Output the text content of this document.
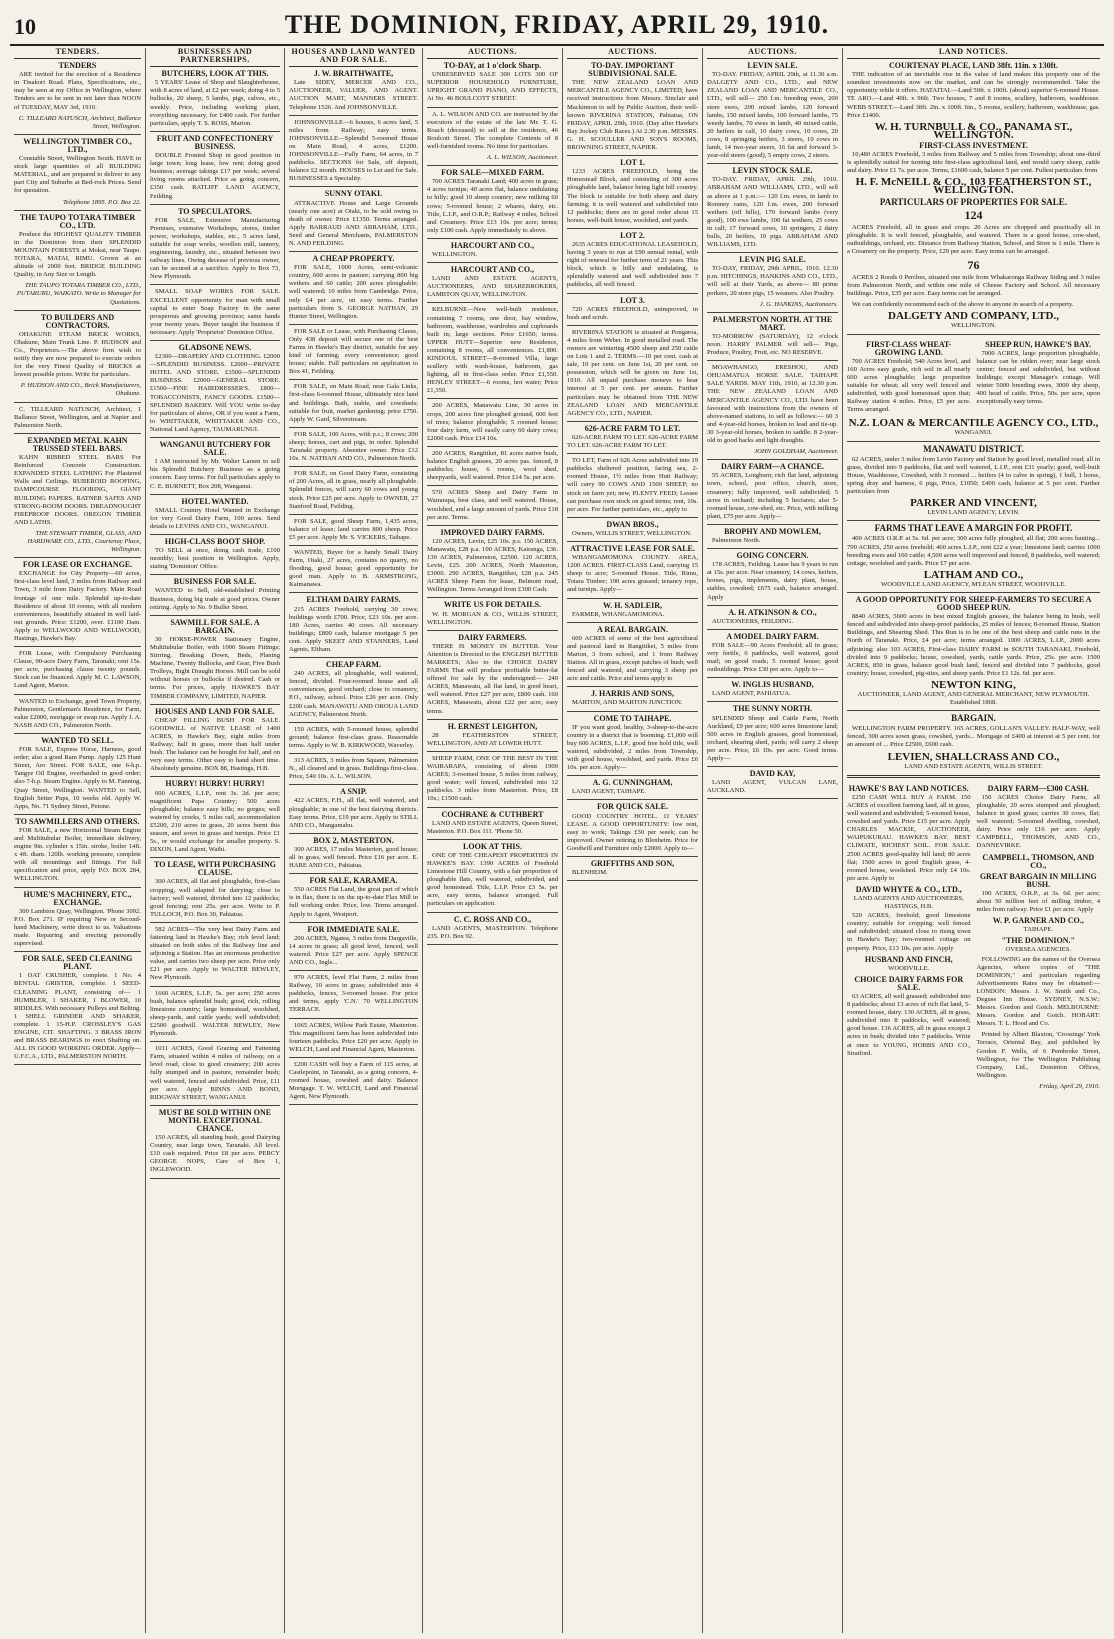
10	THE DOMINION, FRIDAY, APRIL 29, 1910.
TENDERS.
TENDERS
ARE invited for the erection of a Residence in Tinakori Road. Plans, Specifications, etc., may be seen at my Office in Wellington, where Tenders are to be sent in not later than NOON of TUESDAY, MAY 3rd, 1910.
C. TILLEARD NATUSCH, Architect, Ballance Street, Wellington.
WELLINGTON TIMBER CO., LTD.,
Constable Street, Wellington South. HAVE in stock large quantities of all BUILDING MATERIAL, and are prepared to deliver to any part City and Suburbs at Bed-rock Prices. Send for quotation.
Telephone 1895. P.O. Box 22.
THE TAUPO TOTARA TIMBER CO., LTD.
Produce the HIGHEST QUALITY TIMBER in the Dominion from their SPLENDID MOUNTAIN FORESTS at Mokai, near Taupo. TOTARA, MATAI, RIMU. Grown at an altitude of 2000 feet. BRIDGE BUILDING Quality, in Any Size or Length.
THE TAUPO TOTARA TIMBER CO., LTD., PUTARURU, WAIKATO. Write to Manager for Quotations.
TO BUILDERS AND CONTRACTORS.
OHAKUNE STEAM BRICK WORKS, Ohakune, Main Trunk Line. P. HUDSON and Co., Proprietors.—The above firm wish to notify they are now prepared to execute orders for the very Finest Quality of BRICKS at lowest possible prices. Write for particulars.
P. HUDSON AND CO., Brick Manufacturers, Ohakune.
C. TILLEARD NATUSCH, Architect, 1 Ballance Street, Wellington, and at Napier and Palmerston North.
EXPANDED METAL KAHN TRUSSED STEEL BARS.
KAHN RIBBED STEEL BARS For Reinforced Concrete Construction. EXPANDED STEEL LATHING For Plastered Walls and Ceilings. RUBEROID ROOFING, DAMPCOURSE FLOORING, GIANT BUILDING PAPERS. RATNER SAFES AND STRONG-ROOM DOORS. DREADNOUGHT FIREPROOF DOORS. OREGON TIMBER AND LATHS.
THE STEWART TIMBER, GLASS, AND HARDWARE CO., LTD., Courtenay Place, Wellington.
FOR LEASE OR EXCHANGE.
EXCHANGE for City Property—60 acres, first-class level land, 3 miles from Railway and Town, 3 mile from Dairy Factory. Main Road frontage of one mile. Splendid up-to-date Residence of about 10 rooms, with all modern conveniences, beautifully situated in well laid-out grounds. Price: £1200, over. £1100 Dam. Apply to WELLWOOD AND WELLWOOD, Hastings, Hawke's Bay.
FOR Lease, with Compulsory Purchasing Clause, 90-acre Dairy Farm, Taranaki; rent 15s. per acre, purchasing clause twenty pounds. Stock can be financed. Apply M. C. LAWSON, Land Agent, Marton.
WANTED to Exchange, good Town Property, Palmerston, Gentleman's Residence, for Farm, value £2000, mortgage or swap run. Apply J. A. NASH AND CO., Palmerston North.
WANTED TO SELL.
FOR SALE, Express Horse, Harness, good order; also a good Ram Pump. Apply 125 Hunt Street, Aro Street. FOR SALE, one 6-h.p. Tangye Oil Engine, overhauled in good order; also 7-h.p. Steam Engine. Apply to M. Fanning, Quay Street, Wellington. WANTED to Sell, English Setter Pups, 10 weeks old. Apply W. Apps, No. 71 Sydney Street, Petone.
TO SAWMILLERS AND OTHERS.
FOR SALE, a new Horizontal Steam Engine and Multitubular Boiler, immediate delivery, engine 9in. cylinder x 15in. stroke, boiler 14ft. x 4ft. diam. 120lb. working pressure, complete with all mountings and fittings. For full specification and price, apply P.O. BOX 284, WELLINGTON.
HUME'S MACHINERY, ETC., EXCHANGE.
300 Lambton Quay, Wellington. 'Phone 3092. P.O. Box 271. IF requiring New or Second-hand Machinery, write direct to us. Valuations made. Repairing and erecting personally supervised.
FOR SALE, SEED CLEANING PLANT.
1 OAT CRUSHER, complete. 1 No. 4 BENTAL GRISTER, complete. 1 SEED-CLEANING PLANT, consisting of— 1 HUMBLER, 1 SHAKER, 1 BLOWER, 10 RIDDLES. With necessary Pulleys and Belting. 1 SHELL GRINDER AND SHAKER, complete. 1 15-H.P. CROSSLEY'S GAS ENGINE, CIT. SHAFTING. 3 BRASS IRON and BRASS BEARINGS to erect Shafting on. ALL IN GOOD WORKING ORDER. Apply— U.F.C.A., LTD., PALMERSTON NORTH.
BUSINESSES AND PARTNERSHIPS.
BUTCHERS, LOOK AT THIS.
5 YEARS' Lease of Shop and Slaughterhouse, with 8 acres of land, at £2 per week; doing 4 to 5 bullocks, 20 sheep, 5 lambs, pigs, calves, etc., weekly. Price, including working plant, everything necessary, for £400 cash. For further particulars, apply T. S. ROSS, Marton.
FRUIT AND CONFECTIONERY BUSINESS.
DOUBLE Fronted Shop in good position in large town; long lease, low rent; doing good business; average takings £17 per week; several living rooms attached. Price as going concern, £350 cash. RATLIFF LAND AGENCY, Feilding.
TO SPECULATORS.
FOR SALE, Extensive Manufacturing Premises, extensive Workshops, stores, timber power, workshops, stables, etc., 5 acres land, suitable for soap works, woollen mill, tannery, engineering, laundry, etc., situated between two railway lines. Owing decease of previous owner, can be secured at a sacrifice. Apply to Box 73, New Plymouth.
SMALL SOAP WORKS FOR SALE. EXCELLENT opportunity for man with small capital to enter Soap Factory in the same prosperous and growing province; same hands your twenty years. Buyer taught the business if necessary. Apply 'Proprietor' Dominion Office.
GLADSONE NEWS.
£2300—DRAPERY AND CLOTHING. £2000—SPLENDID BUSINESS. £2000—PRIVATE HOTEL AND STORE. £3500—SPLENDID BUSINESS. £2000—GENERAL STORE. £1500—FINE HAIRDRESSER'S. £800—TOBACCONISTS, FANCY GOODS. £1500—SPLENDID BAKERY. Will YOU write to-day for particulars of above, OR if you want a Farm, to WHITTAKER, WHITTAKER AND CO., National Land Agency, TAUMARUNUI.
WANGANUI BUTCHERY FOR SALE.
I AM instructed by Mr. Walter Larsen to sell his Splendid Butchery Business as a going concern. Easy terms. For full particulars apply to C. E. BURNETT, Box 208, Wanganui.
HOTEL WANTED.
SMALL Country Hotel Wanted in Exchange for very Good Dairy Farm, 100 acres. Send details to LEVINS AND CO., WANGANUI.
HIGH-CLASS BOOT SHOP.
TO SELL at once, doing cash trade, £100 monthly; best position in Wellington. Apply, stating 'Dominion' Office.
BUSINESS FOR SALE.
WANTED to Sell, old-established Printing Business, doing big trade at good prices. Owner retiring. Apply to No. 9 Buller Street.
SAWMILL FOR SALE. A BARGAIN.
30 HORSE-POWER Stationary Engine, Multitubular Boiler, with 1000 Steam Fittings; Stirring, Breaking Down, Beds, Planing Machine, Twenty Bullocks, and Gear, Five Bush Trolleys, Bight Draught Horses. Mill can be sold without horses or bullocks if desired. Cash or terms. For prices, apply HAWKE'S BAY TIMBER COMPANY, LIMITED, NAPIER.
HOUSES AND LAND FOR SALE.
CHEAP FILLING BUSH FOR SALE. GOODWILL of NATIVE LEASE of 1400 ACRES, in Hawke's Bay, eight miles from Railway; half in grass, more than half under bush. The balance can be bought for half, and on very easy terms. Other easy to hand short time. Absolutely genuine. BOX 88, Hastings, H.B.
HURRY! HURRY! HURRY!
600 ACRES, L.I.P., rent 3s. 2d. per acre; magnificent Papa Country; 500 acres ploughable; balance easy hills; no gorges; well watered by creeks, 5 miles rail, accommodation £5200, 210 acres in grass, 20 acres burnt this season, and sown in grass and turnips. Price £1 5s., or would exchange for smaller property. S. DIXON, Land Agent, Waihi.
TO LEASE, WITH PURCHASING CLAUSE.
300 ACRES, all flat and ploughable, first-class cropping, well adapted for dairying; close to factory; well watered, divided into 12 paddocks; good fencing; rent 25s. per acre. Write to P. TULLOCH, P.O. Box 30, Pahiatua.
582 ACRES—The very best Dairy Farm and fattening land in Hawke's Bay; rich level land; situated on both sides of the Railway line and adjoining a Station. Has an enormous productive value, and carries two sheep per acre. Price only £21 per acre. Apply to WALTER BEWLEY, New Plymouth.
1660 ACRES, L.I.P., 5s. per acre; 250 acres bush, balance splendid bush; good, rich, rolling limestone country; large homestead, woolshed, sheep-yards, and cattle yards; well subdivided; £2500 goodwill. WALTER BEWLEY, New Plymouth.
1011 ACRES, Good Grazing and Fattening Farm, situated within 4 miles of railway, on a level road, close to good creamery; 200 acres fully stumped and in pasture, remainder bush; well watered, fenced and subdivided. Price, £11 per acre. Apply BINNS AND BOND, RIDGWAY STREET, WANGANUI.
MUST BE SOLD WITHIN ONE MONTH. EXCEPTIONAL CHANCE.
150 ACRES, all standing bush, good Dairying Country, near large town, Taranaki. All level. £10 cash required. Price £8 per acre. PERCY GEORGE NOPS, Care of Box 1, INGLEWOOD.
HOUSES AND LAND WANTED AND FOR SALE.
J. W. BRAITHWAITE,
Late SIDEY, MERCER AND CO., AUCTIONEER, VALUER, AND AGENT. AUCTION MART, MANNERS STREET. Telephone 1526. And JOHNSONVILLE.
JOHNSONVILLE—6 houses, 6 acres land, 5 miles from Railway; easy terms. JOHNSONVILLE—Splendid 5-roomed House on Main Road, 4 acres, £1200. JOHNSONVILLE—Fully Farm, 64 acres, in 7 paddocks. SECTIONS for Sale, off deposit, balance £2 month. HOUSES to Let and for Sale. BUSINESSES a Speciality.
SUNNY OTAKI.
ATTRACTIVE House and Large Grounds (nearly one acre) at Otaki, to be sold owing to death of owner. Price £1350. Terms arranged. Apply BARRAUD AND ABRAHAM, LTD., Seed and General Merchants, PALMERSTON N. AND FEILDING.
A CHEAP PROPERTY.
FOR SALE, 1000 Acres, semi-volcanic country, 600 acres in pasture; carrying 800 big wethers and 60 cattle; 200 acres ploughable; well watered; 10 miles from Cambridge. Price, only £4 per acre, on easy terms. Further particulars from S. GEORGE NATHAN, 29 Hunter Street, Wellington.
FOR SALE or Lease, with Purchasing Clause, Only 438 deposit will secure one of the best Farms in Hawke's Bay district, suitable for any kind of farming; every convenience; good house; stable. Full particulars on application to Box 41, Feilding.
FOR SALE, on Main Road, near Gala Links, first-class 6-roomed House, ultimately nice land and buildings. Bath, stable, and cowsheds; suitable for fruit, market gardening; price £750. Apply W. Gard, Silverstream.
FOR SALE, 100 Acres, with p.c.; 8 cows; 200 sheep; horses, cart and pigs, in order. Splendid Taranaki property. Absentee owner. Price £12 10s. N. NATHAN AND CO., Palmerston North.
FOR SALE, on Good Dairy Farm, consisting of 200 Acres, all in grass, nearly all ploughable. Splendid fences, will carry 60 cows and young stock. Price £25 per acre. Apply to OWNER, 27 Stanford Road, Feilding.
FOR SALE, good Sheep Farm, 1,435 acres, balance of lease; land carries 800 sheep. Price £5 per acre. Apply Mr. S. VICKERS, Taihape.
WANTED, Buyer for a handy Small Dairy Farm, Otaki, 27 acres, contains no quarry, no flooding, good house; good opportunity for good man. Apply to B. ARMSTRONG, Kaimanawa.
ELTHAM DAIRY FARMS.
215 ACRES Freehold, carrying 30 cows; buildings worth £700. Price, £23 10s. per acre. 180 Acres, carries 40 cows. All necessary buildings; £800 cash, balance mortgage 5 per cent. Apply SKEET AND STANNERS, Land Agents, Eltham.
CHEAP FARM.
240 ACRES, all ploughable, well watered, fenced, divided. Four-roomed house and all conveniences, good orchard; close to creamery, P.O., railway, school. Price £26 per acre. Only £200 cash. MANAWATU AND OROUA LAND AGENCY, Palmerston North.
150 ACRES, with 5-roomed house, splendid ground; balance first-class grass. Reasonable terms. Apply to W. B. KIRKWOOD, Waverley.
313 ACRES, 3 miles from Square, Palmerston N., all cleared and in grass. Buildings first-class. Price, £40 10s. A. L. WILSON.
A SNIP.
422 ACRES, F.H., all flat, well watered, and ploughable; in one of the best dairying districts. Easy terms. Price, £19 per acre. Apply to STILL AND CO., Mangamahu.
BOX 2, MASTERTON.
300 ACRES, 17 miles Masterton, good house; all in grass, well fenced. Price £16 per acre. E. HARE AND CO., Pahiatua.
FOR SALE, KARAMEA.
550 ACRES Flat Land, the great part of which is in flax, there is on the up-to-date Flax Mill in full working order. Price, low. Terms arranged. Apply to Agent, Westport.
FOR IMMEDIATE SALE.
200 ACRES, Ngatea, 3 miles from Dargaville, 14 acres in grass; all good level, fenced, well watered. Price £27 per acre. Apply SPENCE AND CO., Ingle...
970 ACRES, level Flat Farm, 2 miles from Railway, 10 acres in grass; subdivided into 4 paddocks, fences, 3-roomed house. For price and terms, apply 'C.N.' 70 WELLINGTON TERRACE.
1065 ACRES, Willow Park Estate, Masterton. This magnificent farm has been subdivided into fourteen paddocks. Price £20 per acre. Apply to WELCH, Land and Financial Agent, Masterton.
£200 CASH will buy a Farm of 115 acres, at Castlepoint, in Taranaki, as a going concern, 4-roomed house, cowshed and dairy. Balance Mortgage. T. W. WELCH, Land and Financial Agent, New Plymouth.
AUCTIONS.
TO-DAY, at 1 o'clock Sharp.
UNRESERVED SALE 300 LOTS 300 OF SUPERIOR HOUSEHOLD FURNITURE, UPRIGHT GRAND PIANO, AND EFFECTS, At No. 46 BOULCOTT STREET.
A. L. WILSON AND CO. are instructed by the executors of the estate of the late Mr. T. G. Roach (deceased) to sell at the residence, 46 Boulcott Street. The complete Contents of 8 well-furnished rooms. No time for particulars.
A. L. WILSON, Auctioneer.
FOR SALE—MIXED FARM.
700 ACRES Taranaki Land; 400 acres in grass; 4 acres turnips; 40 acres flat, balance undulating to hilly; good 10 sheep country; new milking 60 cows; 5-roomed house; 2 whares, dairy, etc. Title, L.I.P., and O.R.P.; Railway 4 miles, School and Creamery. Price £13 10s. per acre; terms; only £100 cash. Apply immediately to above.
HARCOURT AND CO.,
WELLINGTON.
HARCOURT AND CO.,
LAND AND ESTATE AGENTS, AUCTIONEERS, AND SHAREBROKERS, LAMBTON QUAY, WELLINGTON.
KELBURNE—New well-built residence, containing 7 rooms, one door, bay window, bathroom, washhouse, wardrobes and cupboards built in; large sections. Price £1650; terms. UPPER HUTT—Superior new Residence, containing 8 rooms, all conveniences. £1,800. KINDOUL STREET—8-roomed Villa, large scullery with wash-house, bathroom, gas lighting, all in first-class order. Price £1,550. HENLEY STREET—6 rooms, hot water; Price £1,350.
200 ACRES, Manawatu Line, 30 acres in crops, 200 acres fine ploughed ground, 600 feet of trees; balance ploughable; 5 roomed house; four dairy farm, will easily carry 60 dairy cows; £2000 cash. Price £14 10s.
200 ACRES, Rangitikei, 81 acres native bush, balance English grasses, 20 acres pas. fenced, 8 paddocks; house, 6 rooms, wool shed, sheepyards, well watered. Price £14 5s. per acre.
570 ACRES Sheep and Dairy Farm in Wairarapa, best class, and well watered. House, woolshed, and a large amount of yards. Price £18 per acre. Terms.
IMPROVED DAIRY FARMS.
120 ACRES, Levin, £25 10s. p.s. 150 ACRES, Manawatu, £28 p.a. 100 ACRES, Kairanga, £36. 130 ACRES, Palmerston, £2500. 120 ACRES, Levin, £25. 200 ACRES, North Masterton, £3000. 290 ACRES, Rangitikei, £28 p.a. 245 ACRES Sheep Farm for lease, Belmont road, Wellington. Terms Arranged from £300 Cash.
WRITE US FOR DETAILS.
W. H. MORGAN & CO., WILLIS STREET, WELLINGTON.
DAIRY FARMERS.
THERE IS MONEY IN BUTTER. Your Attention is Directed to the ENGLISH BUTTER MARKETS; Also to the CHOICE DAIRY FARMS That will produce profitable butter-fat offered for sale by the undersigned:— 240 ACRES, Manawatu, all flat land, in good heart, well watered. Price £27 per acre, £800 cash. 160 ACRES, Manawatu, about £22 per acre, easy terms.
H. ERNEST LEIGHTON,
28 FEATHERSTON STREET, WELLINGTON, AND AT LOWER HUTT.
SHEEP FARM, ONE OF THE BEST IN THE WAIRARAPA, consisting of about 1900 ACRES; 3-roomed house, 5 miles from railway, good water; well fenced, subdivided into 12 paddocks. 3 miles from Masterton. Price, £8 10s.; £1500 cash.
COCHRANE & CUTHBERT
LAND AND ESTATE AGENTS, Queen Street, Masterton. P.O. Box 111. 'Phone 50.
LOOK AT THIS.
ONE OF THE CHEAPEST PROPERTIES IN HAWKE'S BAY. 1390 ACRES of Freehold Limestone Hill Country, with a fair proportion of ploughable flats, well watered, subdivided, and good homestead. Title, L.I.P. Price £3 5s. per acre, easy terms, balance arranged. Full particulars on application.
C. C. ROSS AND CO.,
LAND AGENTS, MASTERTON. Telephone 235. P.O. Box 92.
AUCTIONS.
TO-DAY. IMPORTANT SUBDIVISIONAL SALE.
THE NEW ZEALAND LOAN AND MERCANTILE AGENCY CO., LIMITED, have received instructions from Messrs. Sinclair and Mackinnon to sell by Public Auction, their well-known RIVERINA STATION, Pahiatua, ON FRIDAY, APRIL 29th, 1910. (Day after Hawke's Bay Jockey Club Races.) At 2.30 p.m. MESSRS. G. H. SCOULLER AND SON'S ROOMS, BROWNING STREET, NAPIER.
LOT 1.
1233 ACRES FREEHOLD, being the Homestead Block, and consisting of 300 acres ploughable land, balance being light hill country. The block is suitable for both sheep and dairy farming; it is well watered and subdivided into 12 paddocks; there are in good order about 15 horses, well-built house, woolshed, and yards.
LOT 2.
2635 ACRES EDUCATIONAL LEASEHOLD, having 3 years to run at £90 annual rental, with right of renewal for further term of 21 years. This block, which is hilly and undulating, is splendidly watered and well subdivided into 7 paddocks, all well fenced.
LOT 3.
720 ACRES FREEHOLD, unimproved, in bush and scrub.
RIVERINA STATION is situated at Pongaroa, 4 miles from Weber. In good metalled road. The owners are wintering 4500 sheep and 250 cattle on Lots 1 and 2. TERMS.—10 per cent. cash at sale, 10 per cent. on June 1st, 20 per cent. on possession, which will be given on June 1st, 1910. All unpaid purchase moneys to bear interest at 5 per cent. per annum. Further particulars may be obtained from THE NEW ZEALAND LOAN AND MERCANTILE AGENCY CO., LTD., NAPIER.
626-ACRE FARM TO LET.
626-ACRE FARM TO LET. 626-ACRE FARM TO LET. 626-ACRE FARM TO LET.
TO LET, Farm of 626 Acres subdivided into 19 paddocks sheltered position, facing sea, 2-roomed House, 1½ miles from Hutt Railway; will carry 90 COWS AND 1500 SHEEP; no stock on farm yet; new, PLENTY FEED; Lessee can purchase own stock on good terms; rent, 10s. per acre. For further particulars, etc., apply to
DWAN BROS.,
Owners, WILLIS STREET, WELLINGTON.
ATTRACTIVE LEASE FOR SALE.
WHANGAMOMONA COUNTY. AREA, 1200 ACRES. FIRST-CLASS Land, carrying 15 sheep to acre; 5-roomed House. Title, Rimu, Totara Timber; 190 acres grassed; tenancy rope, and turnips. Apply—
W. H. SADLEIR,
FARMER, WHANGAMOMONA.
A REAL BARGAIN.
600 ACRES of some of the best agricultural and pastoral land in Rangitikei, 5 miles from Marton, 3 from school, and 1 from Railway Station. All in grass, except patches of bush; well fenced and watered, and carrying 3 sheep per acre and cattle. Price and terms apply to
J. HARRIS AND SONS,
MARTON, AND MARTON JUNCTION.
COME TO TAIHAPE.
IF you want good, healthy, 3-sheep-to-the-acre country in a district that is booming. £1,000 will buy 600 ACRES, L.I.P., good free hold title, well watered, subdivided, 2 miles from Township, with good house, woolshed, and yards. Price £6 10s. per acre. Apply—
A. G. CUNNINGHAM,
LAND AGENT, TAIHAPE.
FOR QUICK SALE.
GOOD COUNTRY HOTEL. 11 YEARS' LEASE. A GOOD OPPORTUNITY: low rent, easy to work; Takings £30 per week; can be improved. Owner retiring to Blenheim. Price for Goodwill and Furniture only £2000. Apply to—
GRIFFITHS AND SON,
BLENHEIM.
AUCTIONS.
LEVIN SALE.
TO-DAY. FRIDAY, APRIL 29th, at 11.30 a.m. DALGETY AND CO., LTD., and NEW ZEALAND LOAN AND MERCANTILE CO., LTD., will sell— 250 f.m. breeding ewes, 200 store ewes, 200 mixed lambs, 120 forward lambs, 150 mixed lambs, 100 forward lambs, 75 weedy lambs, 70 ewes in lamb, 40 mixed cattle, 20 heifers in calf, 10 dairy cows, 10 cows, 20 cows, 8 springing heifers, 3 steers, 10 cows in lamb, 14 two-year steers, 16 fat and forward 3-year-old steers (good), 5 empty cows, 2 steers.
LEVIN STOCK SALE.
TO-DAY. FRIDAY, APRIL 29th, 1910. ABRAHAM AND WILLIAMS, LTD., will sell as above at 1 p.m.:— 120 f.m. ewes, in lamb to Romney rams, 120 f.m. ewes, 200 forward wethers (off hills), 170 forward lambs (very good), 100 ewe lambs, 100 fat wethers, 25 cows in calf, 17 forward cows, 10 springers, 2 dairy bulls, 20 heifers, 10 pigs. ABRAHAM AND WILLIAMS, LTD.
LEVIN PIG SALE.
TO-DAY, FRIDAY, 29th APRIL, 1910. 12.30 p.m. HITCHINGS, HANKINS AND CO., LTD., will sell at their Yards, as above— 80 prime porkers, 20 store pigs, 15 weaners. Also Poultry.
J. G. HANKINS, Auctioneers.
PALMERSTON NORTH. AT THE MART.
TO-MORROW (SATURDAY), 12 o'clock noon. HARRY PALMER will sell— Pigs, Produce, Poultry, Fruit, etc. NO RESERVE.
MOAWHANGO, ERESHOU, AND OHUAMATUA HORSE SALE. TAIHAPE SALE YARDS. MAY 11th, 1910, at 12.30 p.m. THE NEW ZEALAND LOAN AND MERCANTILE AGENCY CO., LTD. have been favoured with instructions from the owners of above-named stations, to sell as follows:— 60 3 and 4-year-old horses, broken to lead and tie-up. 30 3-year-old horses, broken to saddle. 8 2-year-old to good hacks and light draughts.
JOHN GOLDHAM, Auctioneer.
DAIRY FARM—A CHANCE.
55 ACRES, Longburn; rich flat land, adjoining town, school, post office, church, store, creamery; fully improved, well subdivided; 5 acres in orchard; including 5 hectares; also 5-roomed house, cow-shed, etc. Price, with milking plant, £75 per acre. Apply—
BROPHY AND MOWLEM,
Palmerston North.
GOING CONCERN.
178 ACRES, Feilding. Lease has 9 years to run at 15s. per acre. Near creamery, 14 cows, heifers, horses, pigs, implements, dairy plant, house, stables, cowshed; £675 cash, balance arranged. Apply
A. H. ATKINSON & CO.,
AUCTIONEERS, FEILDING.
A MODEL DAIRY FARM.
FOR SALE—90 Acres Freehold; all in grass; very fertile, 6 paddocks, well watered, good mail; on good roads; 5 roomed house; good outbuildings. Price £30 per acre. Apply to—
W. INGLIS HUSBAND,
LAND AGENT, PAHIATUA.
THE SUNNY NORTH.
SPLENDID Sheep and Cattle Farm, North Auckland, £9 per acre; 600 acres limestone land; 500 acres in English grasses, good homestead, orchard, shearing shed, yards; will carry 2 sheep per acre. Price, £6 10s. per acre. Good terms. Apply—
DAVID KAY,
LAND AGENT, VULCAN LANE, AUCKLAND.
LAND NOTICES.
COURTENAY PLACE, LAND 38ft. 11in. x 130ft.
THE indication of an inevitable rise in the value of land makes this property one of the soundest investments now on the market, and can be strongly recommended. Take the opportunity while it offers. HATAITAI.—Land 50ft. x 100ft. (about) superior 6-roomed House. TE ARO.—Land 40ft. x 96ft. Two houses, 7 and 8 rooms, scullery, bathroom, washhouse. WEBB STREET.—Land 38ft. 2in. x 100ft. 6in., 5 rooms, scullery, bathroom, washhouse, gas. Price £1400.
W. H. TURNBULL & CO., PANAMA ST., WELLINGTON.
FIRST-CLASS INVESTMENT.
10,480 ACRES Freehold, 3 miles from Railway and 5 miles from Township; about one-third is splendidly suited for turning into first-class agricultural land, and would carry sheep, cattle and dairy. Price £1 7s. per acre. Terms, £1600 cash, balance 5 per cent. Fullest particulars from
H. F. McNEILL & CO., 103 FEATHERSTON ST., WELLINGTON.
PARTICULARS OF PROPERTIES FOR SALE.
124
ACRES Freehold, all in grass and crops. 20 Acres are chopped and practically all in ploughable. It is well fenced, ploughable, and watered. There is a good house, cow-shed, outbuildings, orchard, etc. Distance from Railway Station, School, and Store is 1 mile. There is a Creamery on the property. Price, £29 per acre. Easy terms can be arranged.
76
ACRES 2 Roods 0 Perches, situated one mile from Whakaronga Railway Siding and 3 miles from Palmerston North, and within one mile of Cheese Factory and School. All necessary buildings. Price, £35 per acre. Easy terms can be arranged.
We can confidently recommend each of the above to anyone in search of a property.
DALGETY AND COMPANY, LTD.,
WELLINGTON.
FIRST-CLASS WHEAT-GROWING LAND.
700 ACRES Freehold; 540 Acres level, and 160 Acres easy grade, rich soil in all nearly 600 acres ploughable; large proportion suitable for wheat; all very well fenced and subdivided, with good homestead upon that; Railway station 4 miles. Price, £5 per acre. Terms arranged.
SHEEP RUN, HAWKE'S BAY.
7000 ACRES, large proportion ploughable, balance can be ridden over; near large stock centre; fenced and subdivided, but without buildings; except Manager's cottage. Will winter 5000 breeding ewes, 3000 dry sheep, 400 head of cattle. Price, 50s. per acre, upon exceptionally easy terms.
N.Z. LOAN & MERCANTILE AGENCY CO., LTD.,
WANGANUI.
MANAWATU DISTRICT.
62 ACRES, under 3 miles from Levin Factory and Station by good level, metalled road; all in grass, divided into 9 paddocks, flat and well watered, L.I.P., rent £31 yearly; good, well-built House, Washhouse, Cowshed, with 3 roomed ... heifers (4 to calve in spring), 1 bull, 1 horse, spring dray and harness, 6 pigs, Price, £1050; £400 cash, balance at 5 per cent. Further particulars from
PARKER AND VINCENT,
LEVIN LAND AGENCY, LEVIN.
FARMS THAT LEAVE A MARGIN FOR PROFIT.
400 ACRES O.R.P. at 5s. 6d. per acre; 300 acres fully ploughed, all flat; 200 acres hunting... 790 ACRES, 250 acres freehold; 460 acres L.I.P., rent £22 a year; limestone land; carries 1000 breeding ewes and 160 cattle; 4,500 acres well improved and fenced, 8 paddocks, well watered; cottage, woolshed and yards. Price £7 per acre.
LATHAM AND CO.,
WOODVILLE LAND AGENCY, M'LEAN STREET, WOODVILLE.
A GOOD OPPORTUNITY FOR SHEEP-FARMERS TO SECURE A GOOD SHEEP RUN.
8840 ACRES, 5600 acres in best mixed English grasses, the balance being in bush, well fenced and subdivided into sheep-proof paddocks, 25 miles of fences; 8-roomed House, Station Buildings, and Shearing Shed. This Run is to be one of the best sheep and cattle runs in the North of Taranaki. Price, £4 per acre; terms arranged. 1000 ACRES, L.I.P., 2000 acres adjoining; also 103 ACRES, First-class DAIRY FARM in SOUTH TARANAKI, Freehold, divided into 9 paddocks; house, cowshed, yards, cattle yards. Price, 25s. per acre. 1500 ACRES, 850 in grass, balance good bush land, fenced and divided into 7 paddocks, good country; house, cowshed, pig-sties, and sheep yards. Price £1 12s. 6d. per acre.
NEWTON KING,
AUCTIONEER, LAND AGENT, AND GENERAL MERCHANT, NEW PLYMOUTH. Established 1868.
BARGAIN.
WELLINGTON FARM PROPERTY. 165 ACRES, GOLLAN'S VALLEY. HALF-WAY, well fenced, 300 acres sown grass, cowshed, yards... Mortgage of £400 at interest at 5 per cent. for an amount of ... Price £2500, £600 cash.
LEVIEN, SHALLCRASS AND CO.,
LAND AND ESTATE AGENTS, WILLIS STREET.
HAWKE'S BAY LAND NOTICES.
£250 CASH WILL BUY A FARM. 150 ACRES of excellent farming land, all in grass, well watered and subdivided; 5-roomed house, cowshed and yards. Price £15 per acre. Apply CHARLES MACKIE, AUCTIONEER, WAIPUKURAU. HAWKE'S BAY. BEST CLIMATE, RICHEST SOIL. FOR SALE. 2500 ACRES good-quality hill land; 80 acres flat; 1500 acres in good English grass, 4-roomed house, woolshed. Price only £4 10s. per acre. Apply to
DAVID WHYTE & CO., LTD.,
LAND AGENTS AND AUCTIONEERS, HASTINGS, H.B.
520 ACRES, freehold; good limestone country; suitable for cropping; well fenced and subdivided; situated close to rising town in Hawke's Bay; two-roomed cottage on property. Price, £13 10s. per acre. Apply
HUSBAND AND FINCH,
WOODVILLE.
CHOICE DAIRY FARMS FOR SALE.
63 ACRES, all well grassed; subdivided into 8 paddocks; about 13 acres of rich flat land, 5-roomed house, dairy. 130 ACRES, all in grass, subdivided into 8 paddocks, well watered; good house. 136 ACRES, all in grass except 2 acres in bush; divided into 7 paddocks. Write at once to YOUNG, HOBBS AND CO., Stratford.
DAIRY FARM—£300 CASH.
150 ACRES Choice Dairy Farm, all ploughable, 20 acres stumped and ploughed; balance in good grass; carries 30 cows, flat; well watered; 5-roomed dwelling, cowshed, dairy. Price only £16 per acre. Apply CAMPBELL, THOMSON, AND CO., DANNEVIRKE.
CAMPBELL, THOMSON, AND CO.,
GREAT BARGAIN IN MILLING BUSH.
190 ACRES, O.R.P., at 3s. 6d. per acre; about 50 million feet of milling timber, 4 miles from railway. Price £1 per acre. Apply
W. P. GARNER AND CO.,
TAIHAPE.
"THE DOMINION."
OVERSEA AGENCIES.
FOLLOWING are the names of the Oversea Agencies, where copies of "THE DOMINION," and particulars regarding Advertisements Rates may be obtained:— LONDON: Messrs. J. W. Smith and Co., Deguse Inn House. SYDNEY, N.S.W.: Messrs. Gordon and Gotch. MELBOURNE: Messrs. Gordon and Gotch. HOBART: Messrs. T. L. Hood and Co.
Printed by Albert Blaxton, 'Crossings' York Terrace, Oriental Bay, and published by Gordon F. Wells, of 6 Pembroke Street, Wellington, for The Wellington Publishing Company, Ltd., Dominion Offices, Wellington.
Friday, April 29, 1910.
